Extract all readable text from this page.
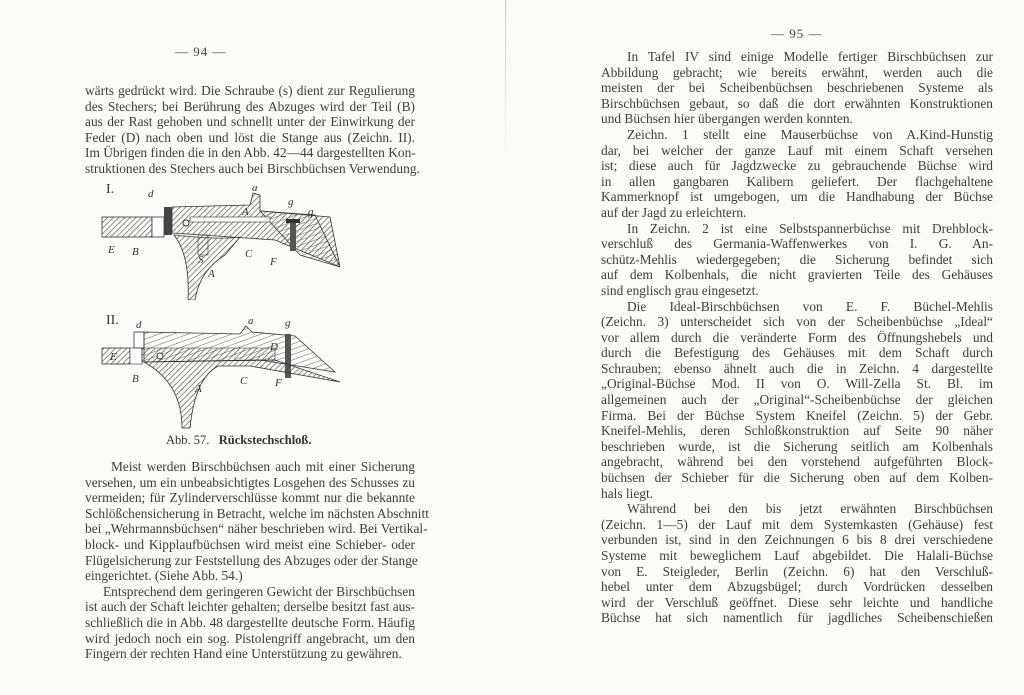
— 94 —

wärts gedrückt wird. Die Schraube (s) dient zur Regulierung
des Stechers; bei Berührung des Abzuges wird der Teil (B)
aus der Rast gehoben und schnellt unter der Einwirkung der
Feder (D) nach oben und löst die Stange aus (Zeichn. II).
Im Übrigen finden die in den Abb. 42—44 dargestellten Kon-
struktionen des Stechers auch bei Birschbüchsen Verwendung.

I.	d	a
A
g
g
E B
S	C
F
A
II. d	a
D
g
E
B
A
C	F
Abb. 57. Rückstechschloß.

Meist werden Birschbüchsen auch mit einer Sicherung
versehen, um ein unbeabsichtigtes Losgehen des Schusses zu
vermeiden; für Zylinderverschlüsse kommt nur die bekannte
Schlößchensicherung in Betracht, welche im nächsten Abschnitt
bei „Wehrmannsbüchsen“ näher beschrieben wird. Bei Vertikal-
block- und Kipplaufbüchsen wird meist eine Schieber- oder
Flügelsicherung zur Feststellung des Abzuges oder der Stange
eingerichtet. (Siehe Abb. 54.)

Entsprechend dem geringeren Gewicht der Birschbüchsen
ist auch der Schaft leichter gehalten; derselbe besitzt fast aus-
schließlich die in Abb. 48 dargestellte deutsche Form. Häufig
wird jedoch noch ein sog. Pistolengriff angebracht, um den
Fingern der rechten Hand eine Unterstützung zu gewähren.

— 95 —

In Tafel IV sind einige Modelle fertiger Birschbüchsen zur
Abbildung gebracht; wie bereits erwähnt, werden auch die
meisten der bei Scheibenbüchsen beschriebenen Systeme als
Birschbüchsen gebaut, so daß die dort erwähnten Konstruktionen
und Büchsen hier übergangen werden konnten.

Zeichn. 1 stellt eine Mauserbüchse von A.Kind-Hunstig
dar, bei welcher der ganze Lauf mit einem Schaft versehen
ist; diese auch für Jagdzwecke zu gebrauchende Büchse wird
in allen gangbaren Kalibern geliefert. Der flachgehaltene
Kammerknopf ist umgebogen, um die Handhabung der Büchse
auf der Jagd zu erleichtern.

In Zeichn. 2 ist eine Selbstspannerbüchse mit Drehblock-
verschluß des Germania-Waffenwerkes von I. G. An-
schütz-Mehlis wiedergegeben; die Sicherung befindet sich
auf dem Kolbenhals, die nicht gravierten Teile des Gehäuses
sind englisch grau eingesetzt.

Die Ideal-Birschbüchsen von E. F. Büchel-Mehlis
(Zeichn. 3) unterscheidet sich von der Scheibenbüchse „Ideal“
vor allem durch die veränderte Form des Öffnungshebels und
durch die Befestigung des Gehäuses mit dem Schaft durch
Schrauben; ebenso ähnelt auch die in Zeichn. 4 dargestellte
„Original-Büchse Mod. II von O. Will-Zella St. Bl. im
allgemeinen auch der „Original“-Scheibenbüchse der gleichen
Firma. Bei der Büchse System Kneifel (Zeichn. 5) der Gebr.
Kneifel-Mehlis, deren Schloßkonstruktion auf Seite 90 näher
beschrieben wurde, ist die Sicherung seitlich am Kolbenhals
angebracht, während bei den vorstehend aufgeführten Block-
büchsen der Schieber für die Sicherung oben auf dem Kolben-
hals liegt.

Während bei den bis jetzt erwähnten Birschbüchsen
(Zeichn. 1—5) der Lauf mit dem Systemkasten (Gehäuse) fest
verbunden ist, sind in den Zeichnungen 6 bis 8 drei verschiedene
Systeme mit beweglichem Lauf abgebildet. Die Halali-Büchse
von E. Steigleder, Berlin (Zeichn. 6) hat den Verschluß-
hebel unter dem Abzugsbügel; durch Vordrücken desselben
wird der Verschluß geöffnet. Diese sehr leichte und handliche
Büchse hat sich namentlich für jagdliches Scheibenschießen
